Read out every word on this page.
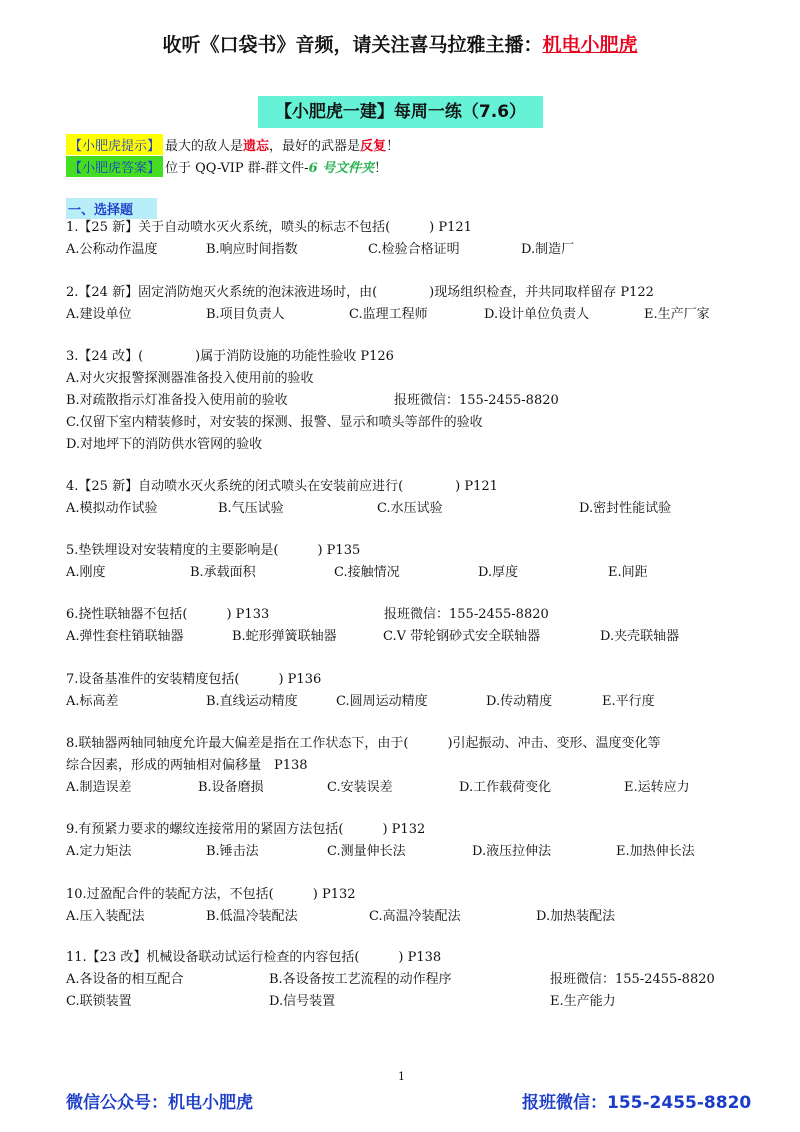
收听《口袋书》音频，请关注喜马拉雅主播：机电小肥虎
【小肥虎一建】每周一练（7.6）
【小肥虎提示】 最大的敌人是遗忘，最好的武器是反复！
【小肥虎答案】 位于 QQ-VIP 群-群文件-6 号文件夹！
一、选择题
1.【25 新】关于自动喷水灭火系统，喷头的标志不包括(　　　) P121
A.公称动作温度	B.响应时间指数	C.检验合格证明	D.制造厂
2.【24 新】固定消防炮灭火系统的泡沫液进场时，由(　　　　)现场组织检查，并共同取样留存 P122
A.建设单位	B.项目负责人	C.监理工程师	D.设计单位负责人	E.生产厂家
3.【24 改】(　　　　)属于消防设施的功能性验收 P126
A.对火灾报警探测器准备投入使用前的验收
B.对疏散指示灯准备投入使用前的验收	报班微信：155-2455-8820
C.仅留下室内精装修时，对安装的探测、报警、显示和喷头等部件的验收
D.对地坪下的消防供水管网的验收
4.【25 新】自动喷水灭火系统的闭式喷头在安装前应进行(　　　　) P121
A.模拟动作试验	B.气压试验	C.水压试验	D.密封性能试验
5.垫铁埋设对安装精度的主要影响是(　　　) P135
A.刚度	B.承载面积	C.接触情况	D.厚度	E.间距
6.挠性联轴器不包括(　　　) P133	报班微信：155-2455-8820
A.弹性套柱销联轴器	B.蛇形弹簧联轴器	C.V 带轮钢砂式安全联轴器	D.夹壳联轴器
7.设备基准件的安装精度包括(　　　) P136
A.标高差	B.直线运动精度	C.圆周运动精度	D.传动精度	E.平行度
8.联轴器两轴同轴度允许最大偏差是指在工作状态下，由于(　　　)引起振动、冲击、变形、温度变化等
综合因素，形成的两轴相对偏移量　P138
A.制造误差	B.设备磨损	C.安装误差	D.工作载荷变化	E.运转应力
9.有预紧力要求的螺纹连接常用的紧固方法包括(　　　) P132
A.定力矩法	B.锤击法	C.测量伸长法	D.液压拉伸法	E.加热伸长法
10.过盈配合件的装配方法，不包括(　　　) P132
A.压入装配法	B.低温冷装配法	C.高温冷装配法	D.加热装配法
11.【23 改】机械设备联动试运行检查的内容包括(　　　) P138
A.各设备的相互配合	B.各设备按工艺流程的动作程序	报班微信：155-2455-8820
C.联锁装置	D.信号装置	E.生产能力
1
微信公众号：机电小肥虎	报班微信：155-2455-8820
